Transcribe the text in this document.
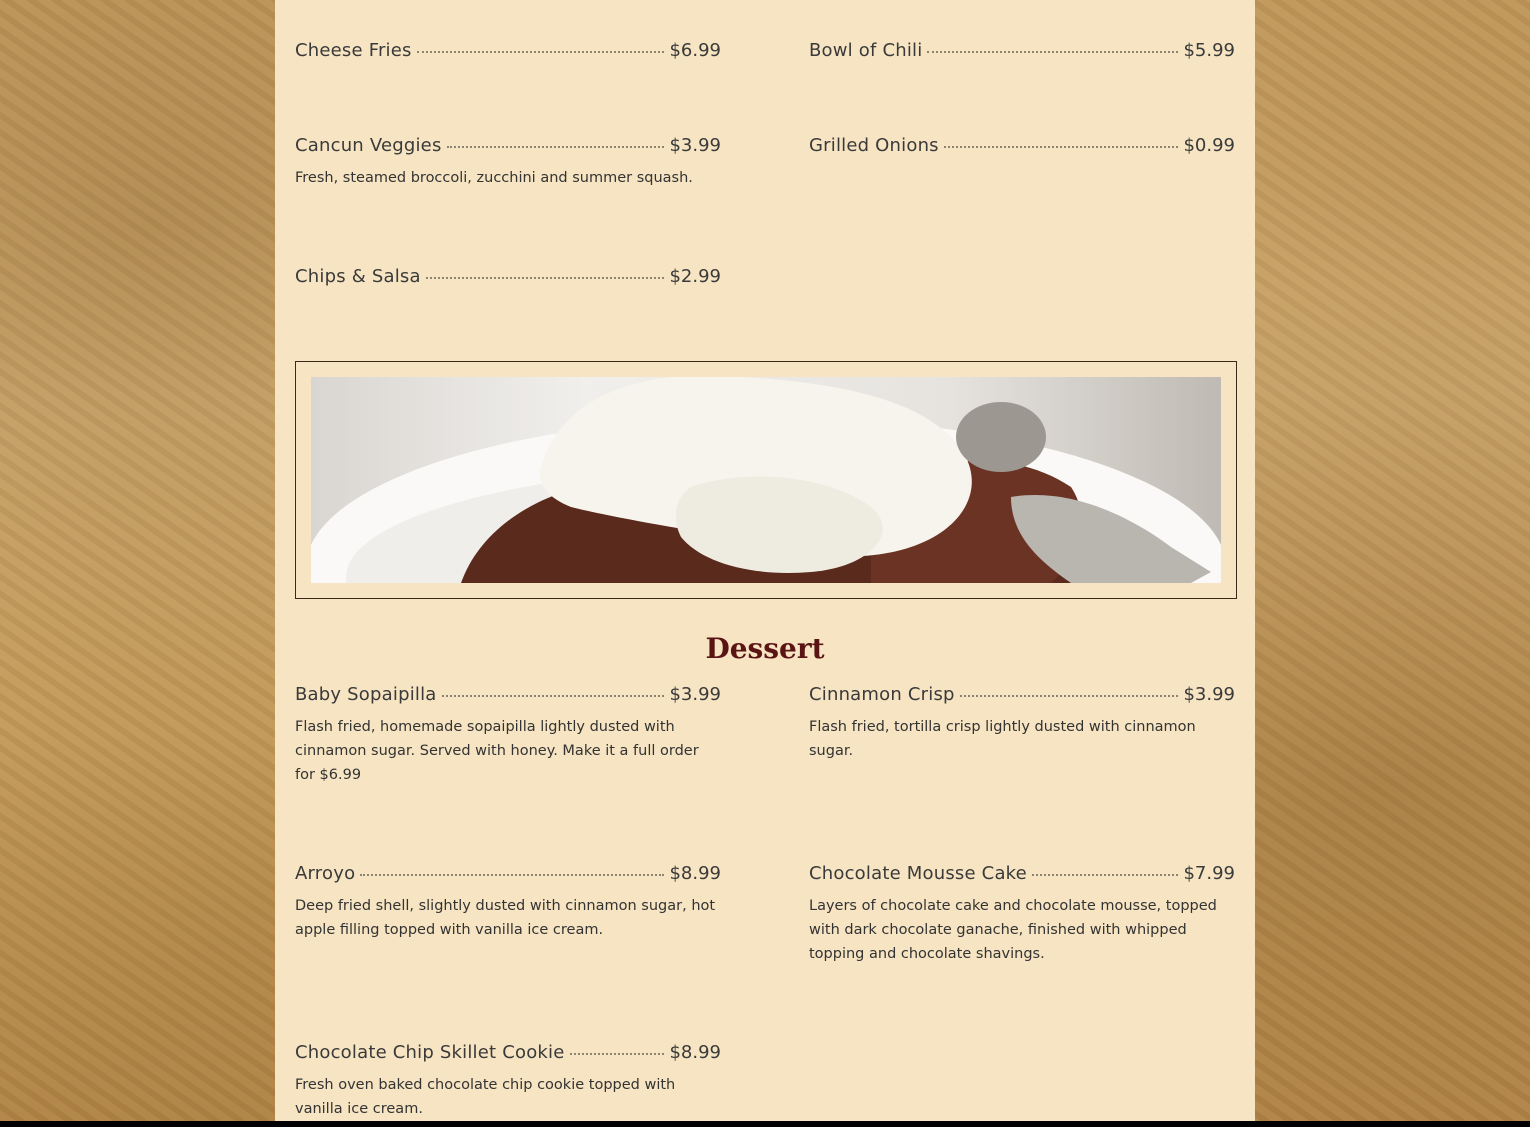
Cheese Fries	$6.99	Bowl of Chili	$5.99
Cancun Veggies	$3.99
Fresh, steamed broccoli, zucchini and summer squash.
Grilled Onions	$0.99
Chips & Salsa	$2.99
Dessert
Baby Sopaipilla	$3.99
Flash fried, homemade sopaipilla lightly dusted with cinnamon sugar. Served with honey. Make it a full order for $6.99
Cinnamon Crisp	$3.99
Flash fried, tortilla crisp lightly dusted with cinnamon sugar.
Arroyo	$8.99
Deep fried shell, slightly dusted with cinnamon sugar, hot apple filling topped with vanilla ice cream.
Chocolate Mousse Cake	$7.99
Layers of chocolate cake and chocolate mousse, topped with dark chocolate ganache, finished with whipped topping and chocolate shavings.
Chocolate Chip Skillet Cookie	$8.99
Fresh oven baked chocolate chip cookie topped with vanilla ice cream.
